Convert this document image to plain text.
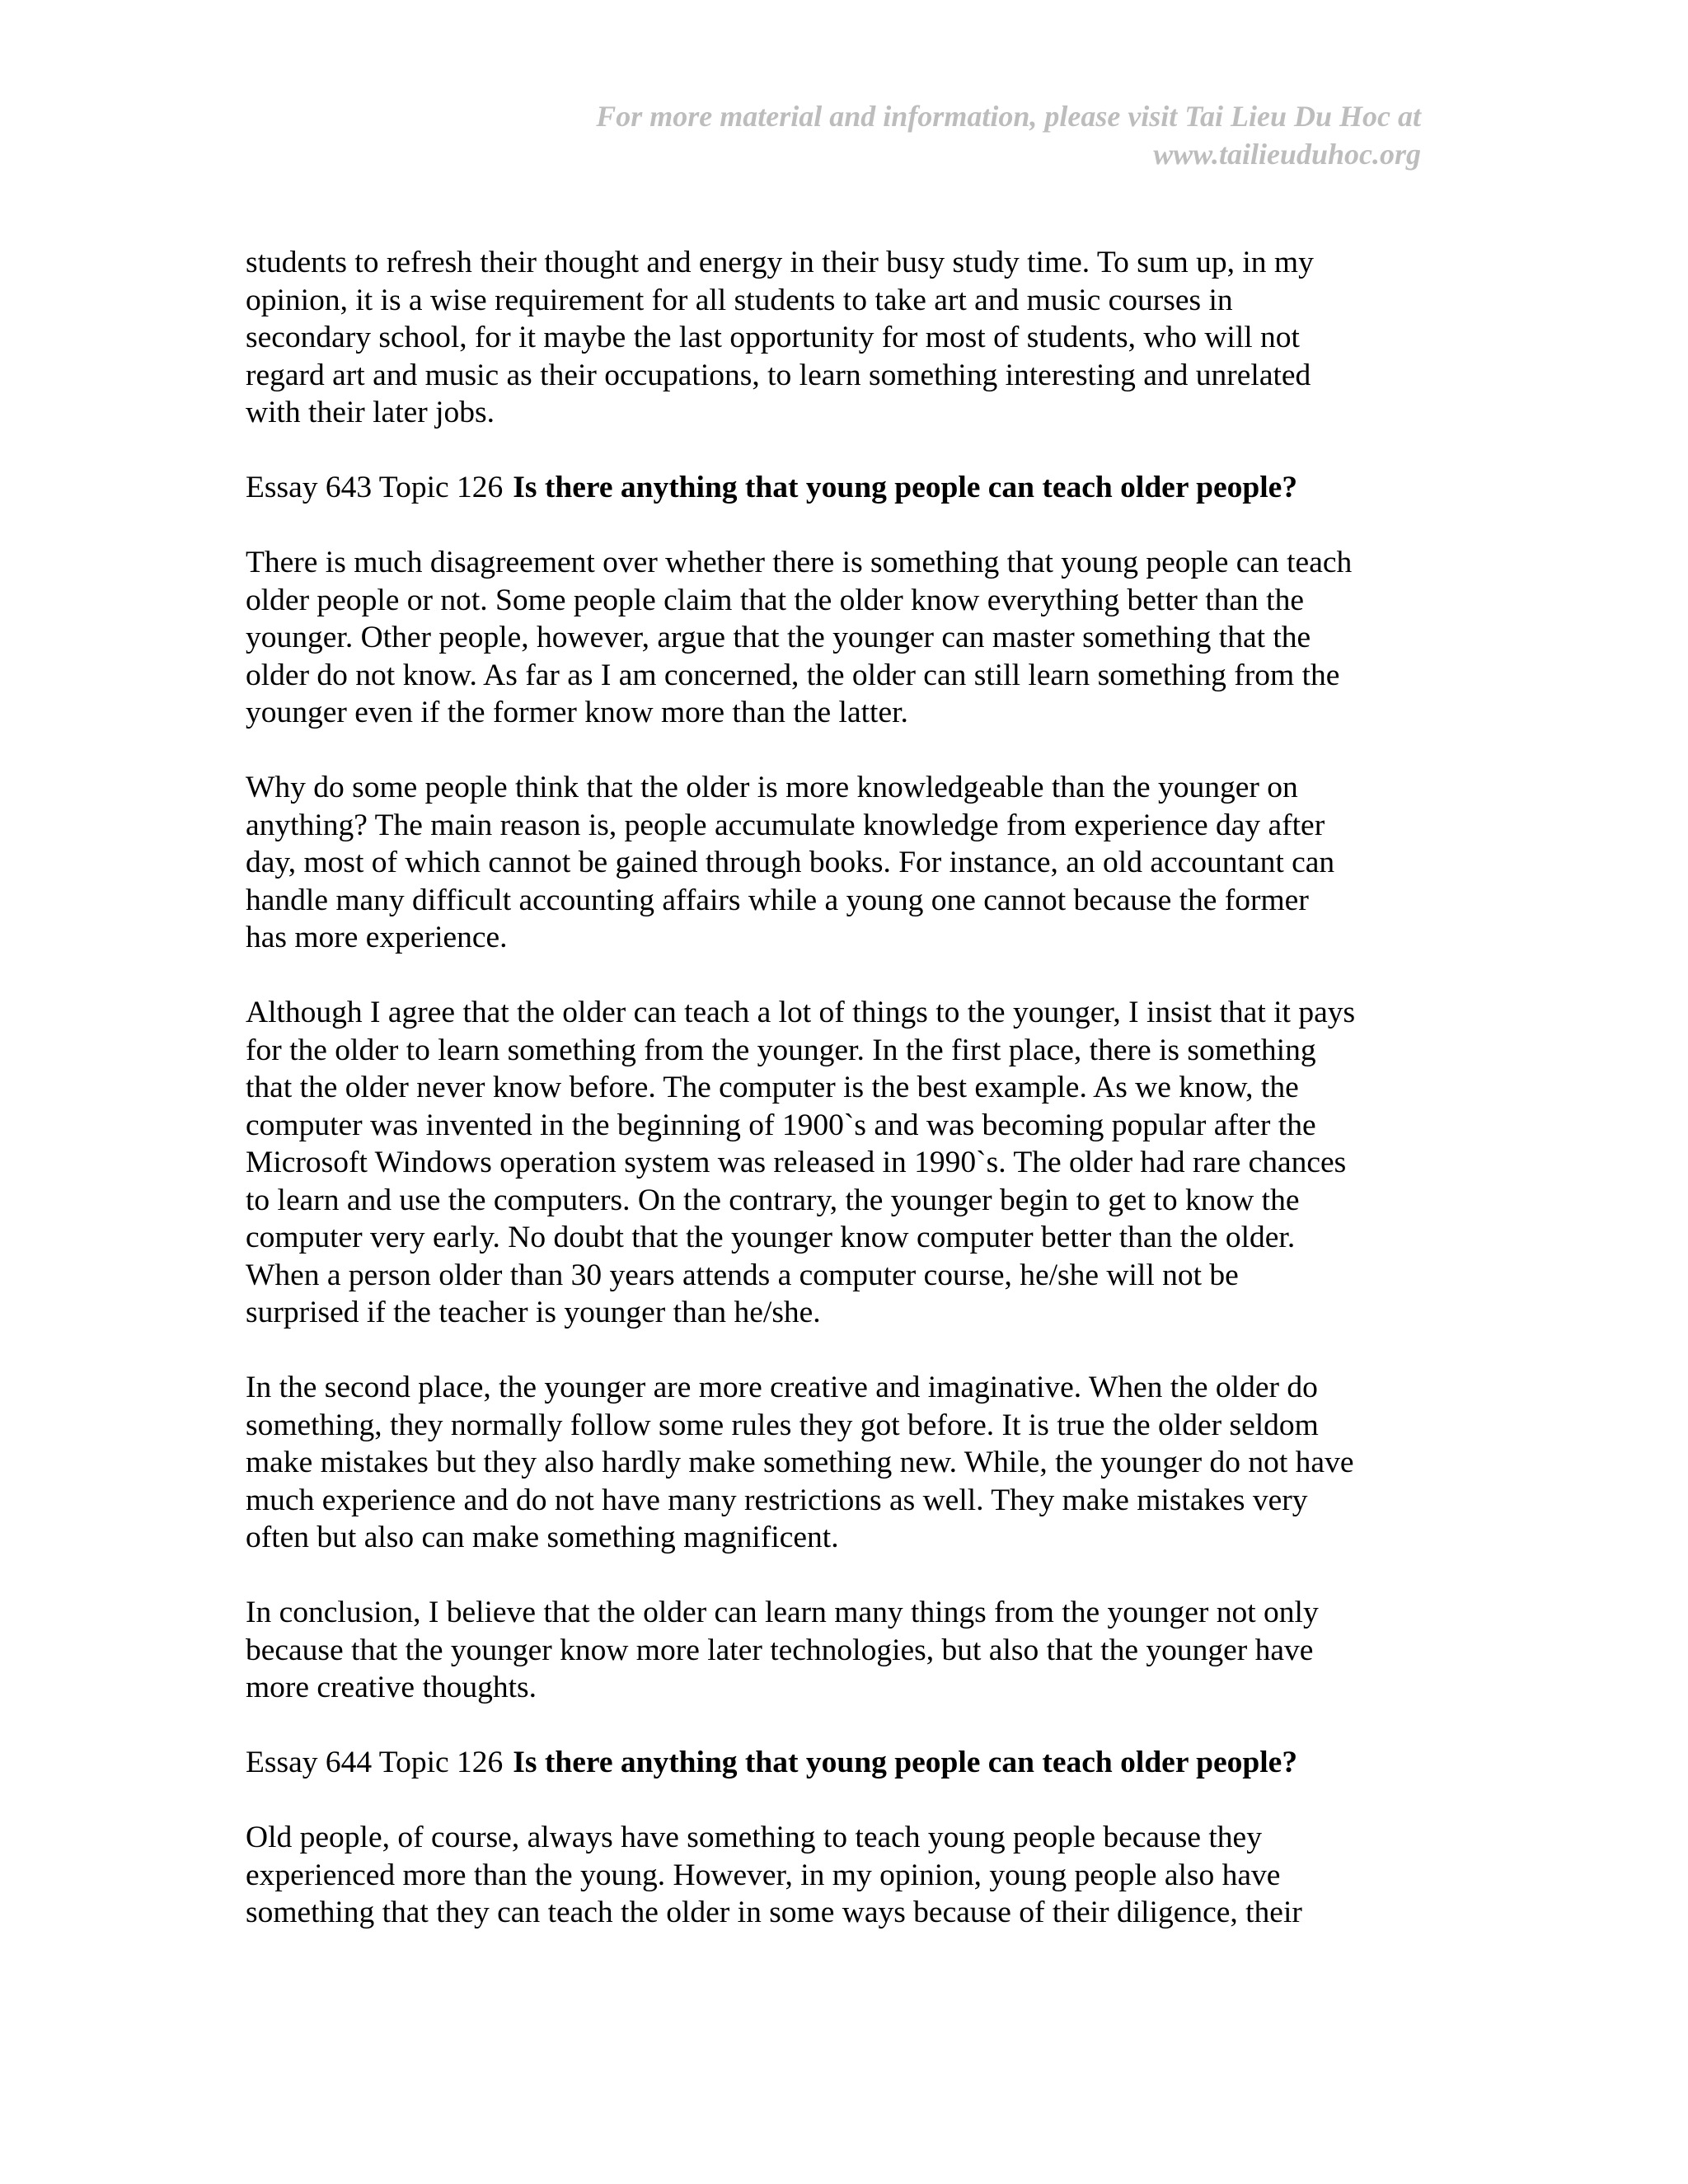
For more material and information, please visit Tai Lieu Du Hoc at
www.tailieuduhoc.org

students to refresh their thought and energy in their busy study time. To sum up, in my
opinion, it is a wise requirement for all students to take art and music courses in
secondary school, for it maybe the last opportunity for most of students, who will not
regard art and music as their occupations, to learn something interesting and unrelated
with their later jobs.

Essay 643 Topic 126 Is there anything that young people can teach older people?

There is much disagreement over whether there is something that young people can teach
older people or not. Some people claim that the older know everything better than the
younger. Other people, however, argue that the younger can master something that the
older do not know. As far as I am concerned, the older can still learn something from the
younger even if the former know more than the latter.

Why do some people think that the older is more knowledgeable than the younger on
anything? The main reason is, people accumulate knowledge from experience day after
day, most of which cannot be gained through books. For instance, an old accountant can
handle many difficult accounting affairs while a young one cannot because the former
has more experience.

Although I agree that the older can teach a lot of things to the younger, I insist that it pays
for the older to learn something from the younger. In the first place, there is something
that the older never know before. The computer is the best example. As we know, the
computer was invented in the beginning of 1900`s and was becoming popular after the
Microsoft Windows operation system was released in 1990`s. The older had rare chances
to learn and use the computers. On the contrary, the younger begin to get to know the
computer very early. No doubt that the younger know computer better than the older.
When a person older than 30 years attends a computer course, he/she will not be
surprised if the teacher is younger than he/she.

In the second place, the younger are more creative and imaginative. When the older do
something, they normally follow some rules they got before. It is true the older seldom
make mistakes but they also hardly make something new. While, the younger do not have
much experience and do not have many restrictions as well. They make mistakes very
often but also can make something magnificent.

In conclusion, I believe that the older can learn many things from the younger not only
because that the younger know more later technologies, but also that the younger have
more creative thoughts.

Essay 644 Topic 126 Is there anything that young people can teach older people?

Old people, of course, always have something to teach young people because they
experienced more than the young. However, in my opinion, young people also have
something that they can teach the older in some ways because of their diligence, their
